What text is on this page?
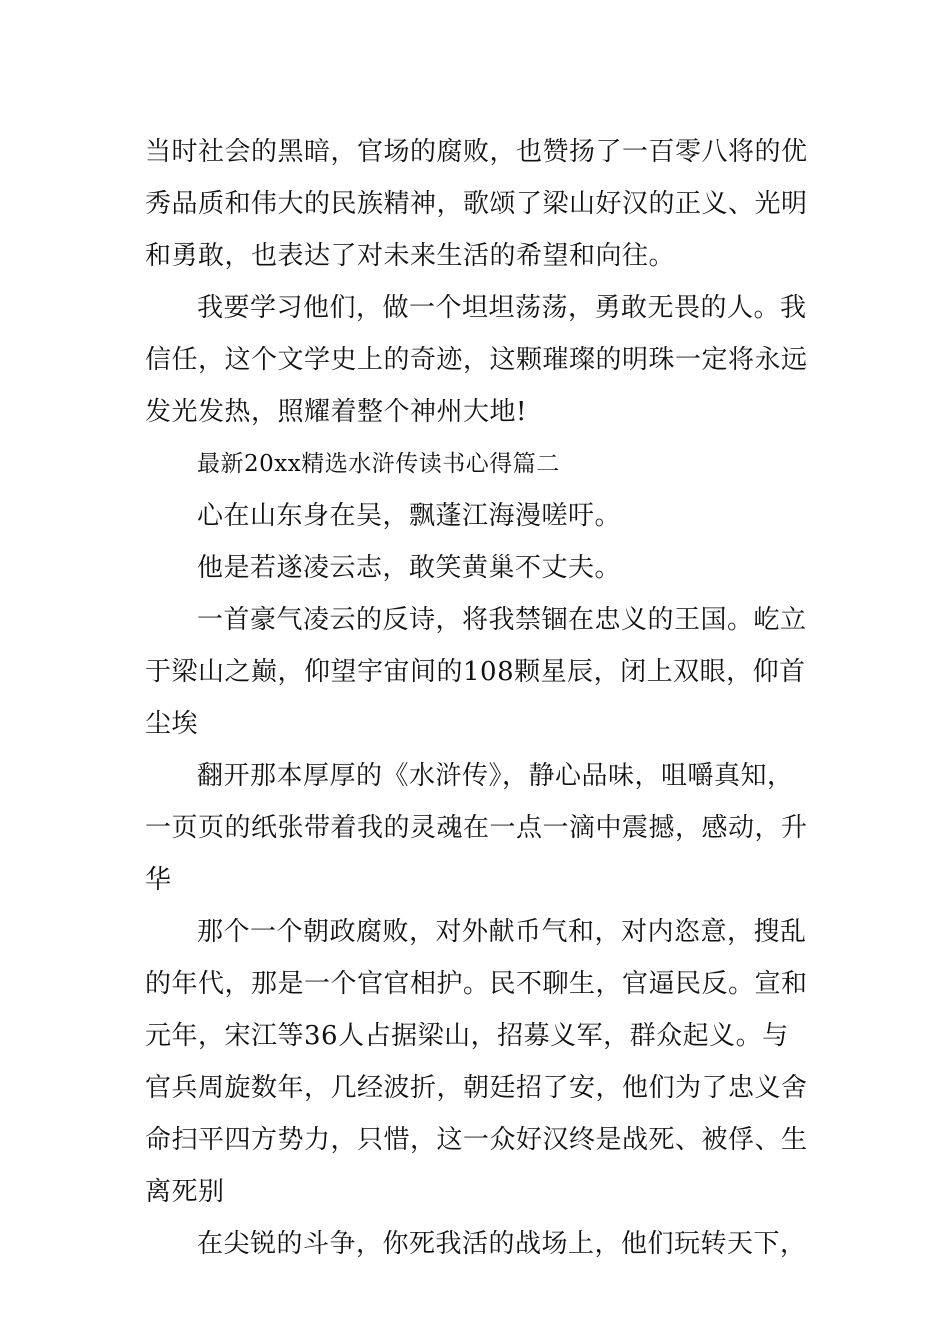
当时社会的黑暗，官场的腐败，也赞扬了一百零八将的优秀品质和伟大的民族精神，歌颂了梁山好汉的正义、光明和勇敢，也表达了对未来生活的希望和向往。

我要学习他们，做一个坦坦荡荡，勇敢无畏的人。我信任，这个文学史上的奇迹，这颗璀璨的明珠一定将永远发光发热，照耀着整个神州大地!

最新20xx精选水浒传读书心得篇二

心在山东身在吴，飘蓬江海漫嗟吁。

他是若遂凌云志，敢笑黄巢不丈夫。

一首豪气凌云的反诗，将我禁锢在忠义的王国。屹立于梁山之巅，仰望宇宙间的108颗星辰，闭上双眼，仰首尘埃

翻开那本厚厚的《水浒传》，静心品味，咀嚼真知，一页页的纸张带着我的灵魂在一点一滴中震撼，感动，升华

那个一个朝政腐败，对外献币气和，对内恣意，搜乱的年代，那是一个官官相护。民不聊生，官逼民反。宣和元年，宋江等36人占据梁山，招募义军，群众起义。与官兵周旋数年，几经波折，朝廷招了安，他们为了忠义舍命扫平四方势力，只惜，这一众好汉终是战死、被俘、生离死别

在尖锐的斗争，你死我活的战场上，他们玩转天下，
